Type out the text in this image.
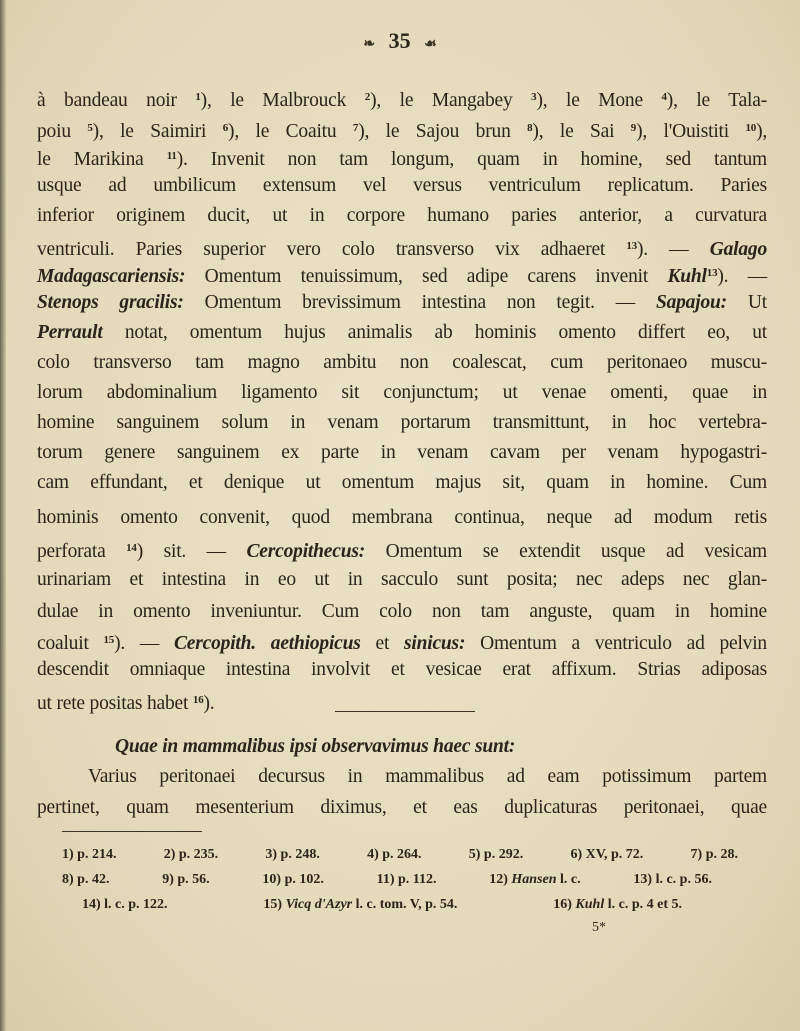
❧ 35 ☙
à bandeau noir $^1$), le Malbrouck $^2$), le Mangabey $^3$), le Mone $^4$), le Tala-
poiu $^5$), le Saimiri $^6$), le Coaitu $^7$), le Sajou brun $^8$), le Sai $^9$), l'Ouistiti $^{10}$),
le Marikina $^{11}$). Invenit non tam longum, quam in homine, sed tantum
usque ad umbilicum extensum vel versus ventriculum replicatum. Paries
inferior originem ducit, ut in corpore humano paries anterior, a curvatura
ventriculi. Paries superior vero colo transverso vix adhaeret $^{13}$). — Galago
Madagascariensis: Omentum tenuissimum, sed adipe carens invenit Kuhl$^{13}$). —
Stenops gracilis: Omentum brevissimum intestina non tegit. — Sapajou: Ut
Perrault notat, omentum hujus animalis ab hominis omento differt eo, ut
colo transverso tam magno ambitu non coalescat, cum peritonaeo muscu-
lorum abdominalium ligamento sit conjunctum; ut venae omenti, quae in
homine sanguinem solum in venam portarum transmittunt, in hoc vertebra-
torum genere sanguinem ex parte in venam cavam per venam hypogastri-
cam effundant, et denique ut omentum majus sit, quam in homine. Cum
hominis omento convenit, quod membrana continua, neque ad modum retis
perforata $^{14}$) sit. — Cercopithecus: Omentum se extendit usque ad vesicam
urinariam et intestina in eo ut in sacculo sunt posita; nec adeps nec glan-
dulae in omento inveniuntur. Cum colo non tam anguste, quam in homine
coaluit $^{15}$). — Cercopith. aethiopicus et sinicus: Omentum a ventriculo ad pelvin
descendit omniaque intestina involvit et vesicae erat affixum. Strias adiposas
ut rete positas habet $^{16}$).
Quae in mammalibus ipsi observavimus haec sunt:
Varius peritonaei decursus in mammalibus ad eam potissimum partem
pertinet, quam mesenterium diximus, et eas duplicaturas peritonaei, quae
1) p. 214.	2) p. 235.	3) p. 248.	4) p. 264.	5) p. 292.	6) XV, p. 72.	7) p. 28.
8) p. 42.	9) p. 56.	10) p. 102.	11) p. 112.	12) Hansen l. c.	13) l. c. p. 56.
14) l. c. p. 122.	15) Vicq d'Azyr l. c. tom. V, p. 54.	16) Kuhl l. c. p. 4 et 5.
5*
